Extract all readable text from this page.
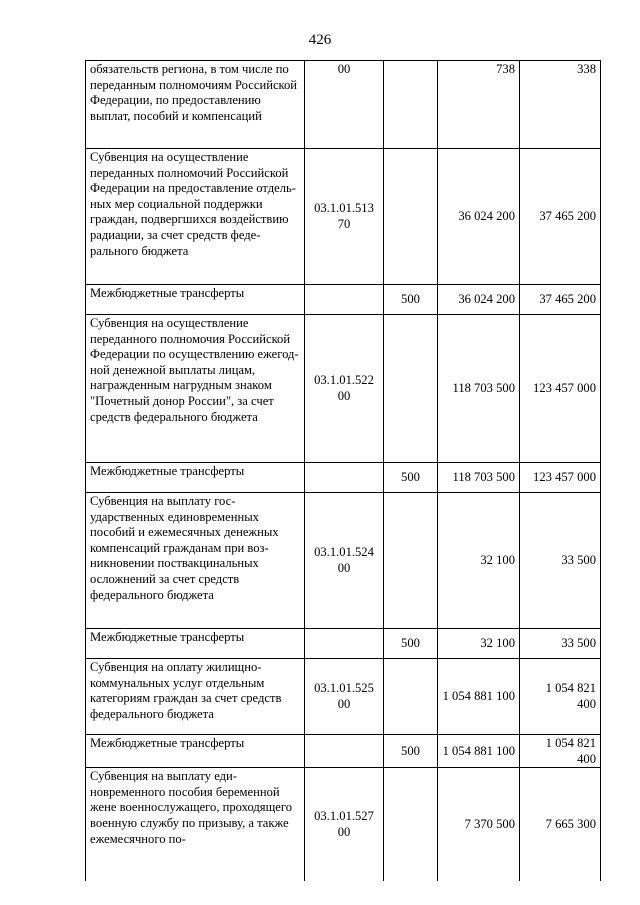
426
обязательств региона, в том числе по переданным полномочиям Российской Федерации, по предоставлению выплат, пособий и компенсаций	00		738	338
Субвенция на осуществление переданных полномочий Российской Федерации на предоставление отдельных мер социальной поддержки граждан, подвергшихся воздействию радиации, за счет средств федерального бюджета	03.1.01.513 70		36 024 200	37 465 200
Межбюджетные трансферты		500	36 024 200	37 465 200
Субвенция на осуществление переданного полномочия Российской Федерации по осуществлению ежегодной денежной выплаты лицам, награжденным нагрудным знаком "Почетный донор России", за счет средств федерального бюджета	03.1.01.522 00		118 703 500	123 457 000
Межбюджетные трансферты		500	118 703 500	123 457 000
Субвенция на выплату государственных единовременных пособий и ежемесячных денежных компенсаций гражданам при возникновении поствакцинальных осложнений за счет средств федерального бюджета	03.1.01.524 00		32 100	33 500
Межбюджетные трансферты		500	32 100	33 500
Субвенция на оплату жилищно-коммунальных услуг отдельным категориям граждан за счет средств федерального бюджета	03.1.01.525 00		1 054 881 100	1 054 821 400
Межбюджетные трансферты		500	1 054 881 100	1 054 821 400
Субвенция на выплату единовременного пособия беременной жене военнослужащего, проходящего военную службу по призыву, а также ежемесячного по-	03.1.01.527 00		7 370 500	7 665 300
